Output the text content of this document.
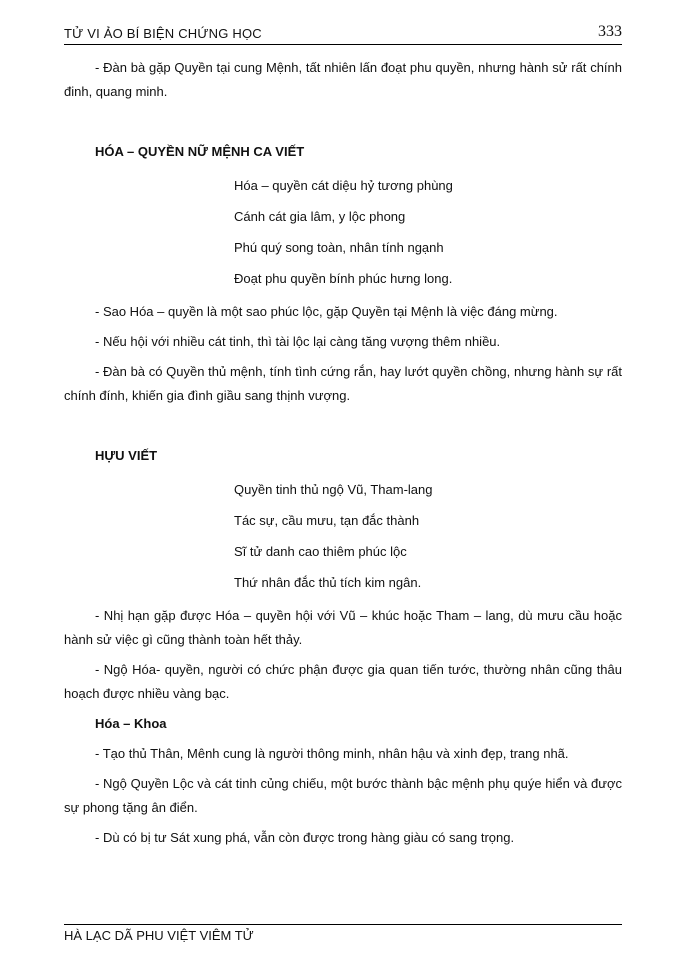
TỬ VI ẢO BÍ BIỆN CHỨNG HỌC	333

- Đàn bà gặp Quyền tại cung Mệnh, tất nhiên lấn đoạt phu quyền, nhưng hành sử rất chính đinh, quang minh.

HÓA – QUYỀN NỮ MỆNH CA VIẾT

Hóa – quyền cát diệu hỷ tương phùng

Cánh cát gia lâm, y lộc phong

Phú quý song toàn, nhân tính ngạnh

Đoạt phu quyền bính phúc hưng long.

- Sao Hóa – quyền là một sao phúc lộc, gặp Quyền tại Mệnh là việc đáng mừng.

- Nếu hội với nhiều cát tinh, thì tài lộc lại càng tăng vượng thêm nhiều.

- Đàn bà có Quyền thủ mệnh, tính tình cứng rắn, hay lướt quyền chồng, nhưng hành sự rất chính đính, khiến gia đình giầu sang thịnh vượng.

HỰU VIẾT

Quyền tinh thủ ngộ Vũ, Tham-lang

Tác sự, cầu mưu, tạn đắc thành

Sĩ tử danh cao thiêm phúc lộc

Thứ nhân đắc thủ tích kim ngân.

- Nhị hạn gặp được Hóa – quyền hội với Vũ – khúc hoặc Tham – lang, dù mưu cầu hoặc hành sử việc gì cũng thành toàn hết thảy.

- Ngộ Hóa- quyền, người có chức phận được gia quan tiến tước, thường nhân cũng thâu hoạch được nhiều vàng bạc.

Hóa – Khoa

- Tạo thủ Thân, Mênh cung là người thông minh, nhân hậu và xinh đẹp, trang nhã.

- Ngộ Quyền Lộc và cát tinh củng chiếu, một bước thành bậc mệnh phụ quýe hiển và được sự phong tặng ân điển.

- Dù có bị tư Sát xung phá, vẫn còn được trong hàng giàu có sang trọng.

HÀ LẠC DÃ PHU VIỆT VIÊM TỬ
